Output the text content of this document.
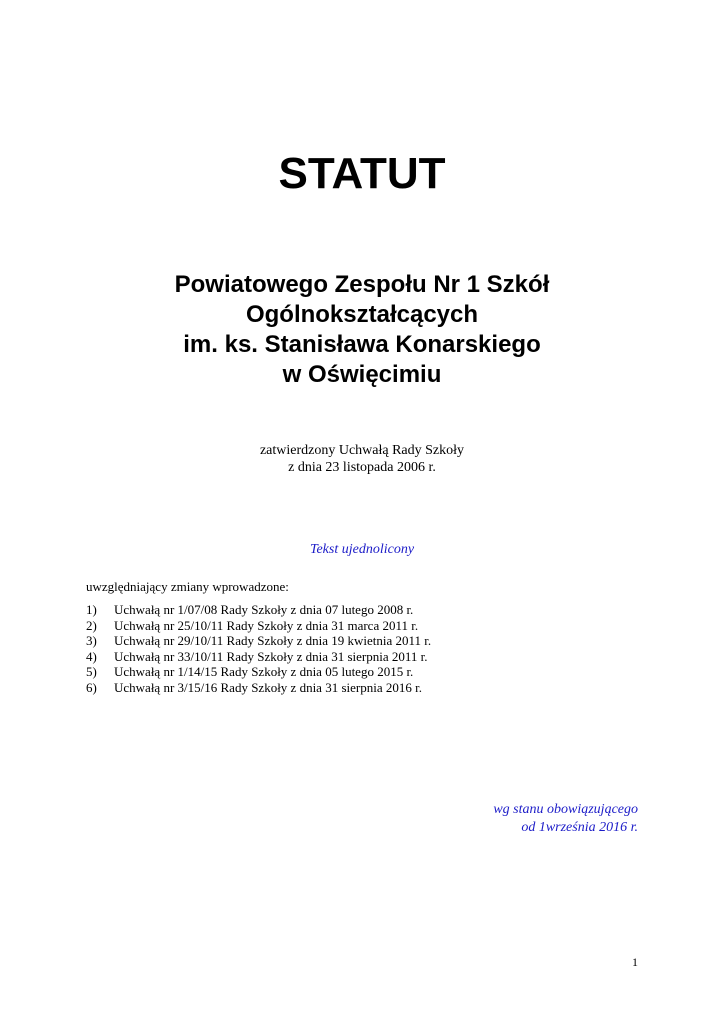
STATUT
Powiatowego Zespołu Nr 1 Szkół
Ogólnokształcących
im. ks. Stanisława Konarskiego
w Oświęcimiu
zatwierdzony Uchwałą Rady Szkoły
z dnia 23 listopada 2006 r.
Tekst ujednolicony
uwzględniający zmiany wprowadzone:
1)	Uchwałą nr 1/07/08 Rady Szkoły z dnia 07 lutego 2008 r.
2)	Uchwałą nr 25/10/11 Rady Szkoły z dnia 31 marca 2011 r.
3)	Uchwałą nr 29/10/11 Rady Szkoły z dnia 19 kwietnia 2011 r.
4)	Uchwałą nr 33/10/11 Rady Szkoły z dnia 31 sierpnia 2011 r.
5)	Uchwałą nr 1/14/15 Rady Szkoły z dnia 05 lutego 2015 r.
6)	Uchwałą nr 3/15/16 Rady Szkoły z dnia 31 sierpnia 2016 r.
wg stanu obowiązującego
od 1września 2016 r.
1
